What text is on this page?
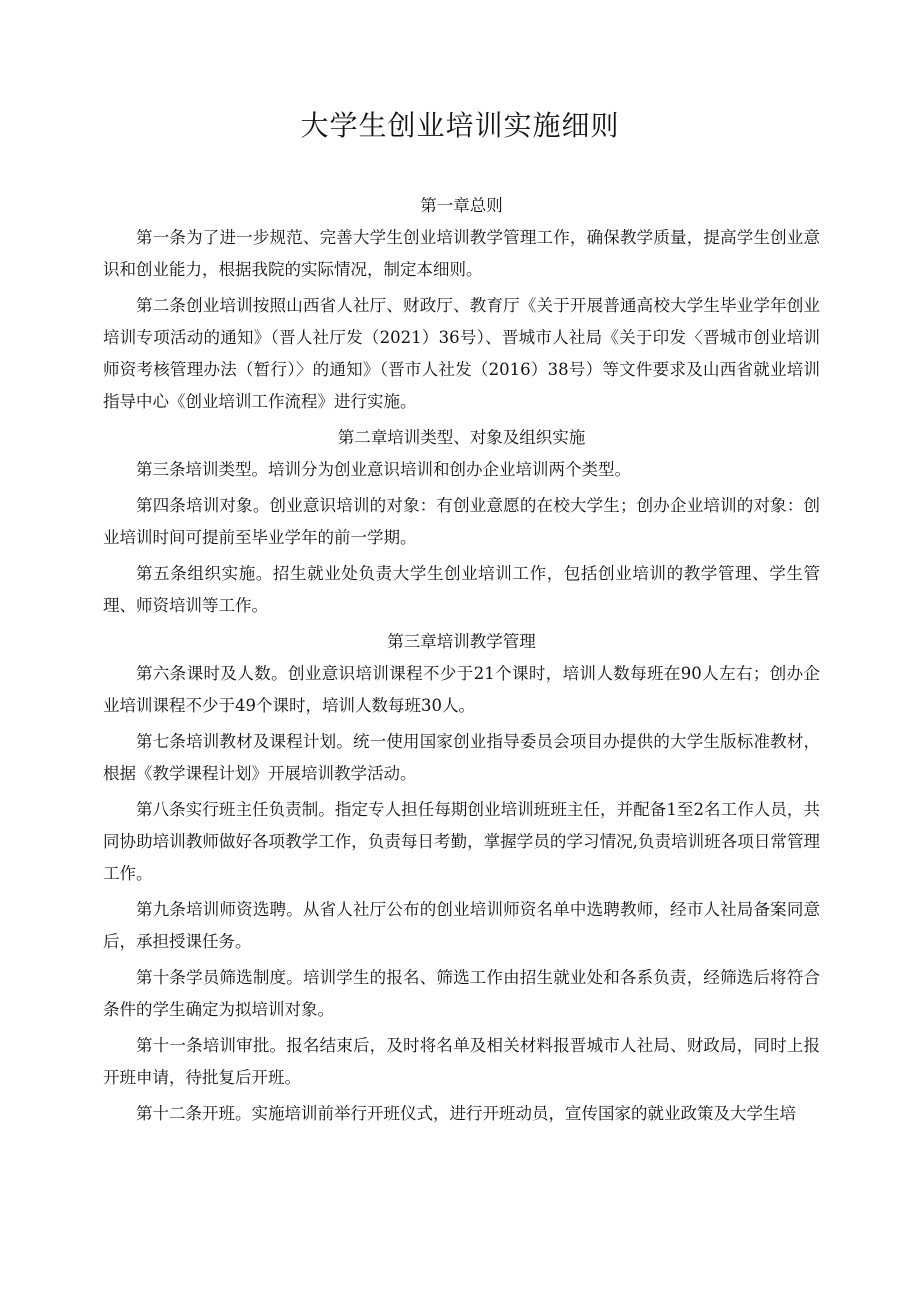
大学生创业培训实施细则

第一章总则

第一条为了进一步规范、完善大学生创业培训教学管理工作，确保教学质量，提高学生创业意识和创业能力，根据我院的实际情况，制定本细则。

第二条创业培训按照山西省人社厅、财政厅、教育厅《关于开展普通高校大学生毕业学年创业培训专项活动的通知》（晋人社厅发（2021）36号）、晋城市人社局《关于印发〈晋城市创业培训师资考核管理办法（暂行）〉的通知》（晋市人社发（2016）38号）等文件要求及山西省就业培训指导中心《创业培训工作流程》进行实施。

第二章培训类型、对象及组织实施

第三条培训类型。培训分为创业意识培训和创办企业培训两个类型。

第四条培训对象。创业意识培训的对象：有创业意愿的在校大学生；创办企业培训的对象：创业培训时间可提前至毕业学年的前一学期。

第五条组织实施。招生就业处负责大学生创业培训工作，包括创业培训的教学管理、学生管理、师资培训等工作。

第三章培训教学管理

第六条课时及人数。创业意识培训课程不少于21个课时，培训人数每班在90人左右；创办企业培训课程不少于49个课时，培训人数每班30人。

第七条培训教材及课程计划。统一使用国家创业指导委员会项目办提供的大学生版标准教材，根据《教学课程计划》开展培训教学活动。

第八条实行班主任负责制。指定专人担任每期创业培训班班主任，并配备1至2名工作人员，共同协助培训教师做好各项教学工作，负责每日考勤，掌握学员的学习情况,负责培训班各项日常管理工作。

第九条培训师资选聘。从省人社厅公布的创业培训师资名单中选聘教师，经市人社局备案同意后，承担授课任务。

第十条学员筛选制度。培训学生的报名、筛选工作由招生就业处和各系负责，经筛选后将符合条件的学生确定为拟培训对象。

第十一条培训审批。报名结束后，及时将名单及相关材料报晋城市人社局、财政局，同时上报开班申请，待批复后开班。

第十二条开班。实施培训前举行开班仪式，进行开班动员，宣传国家的就业政策及大学生培
